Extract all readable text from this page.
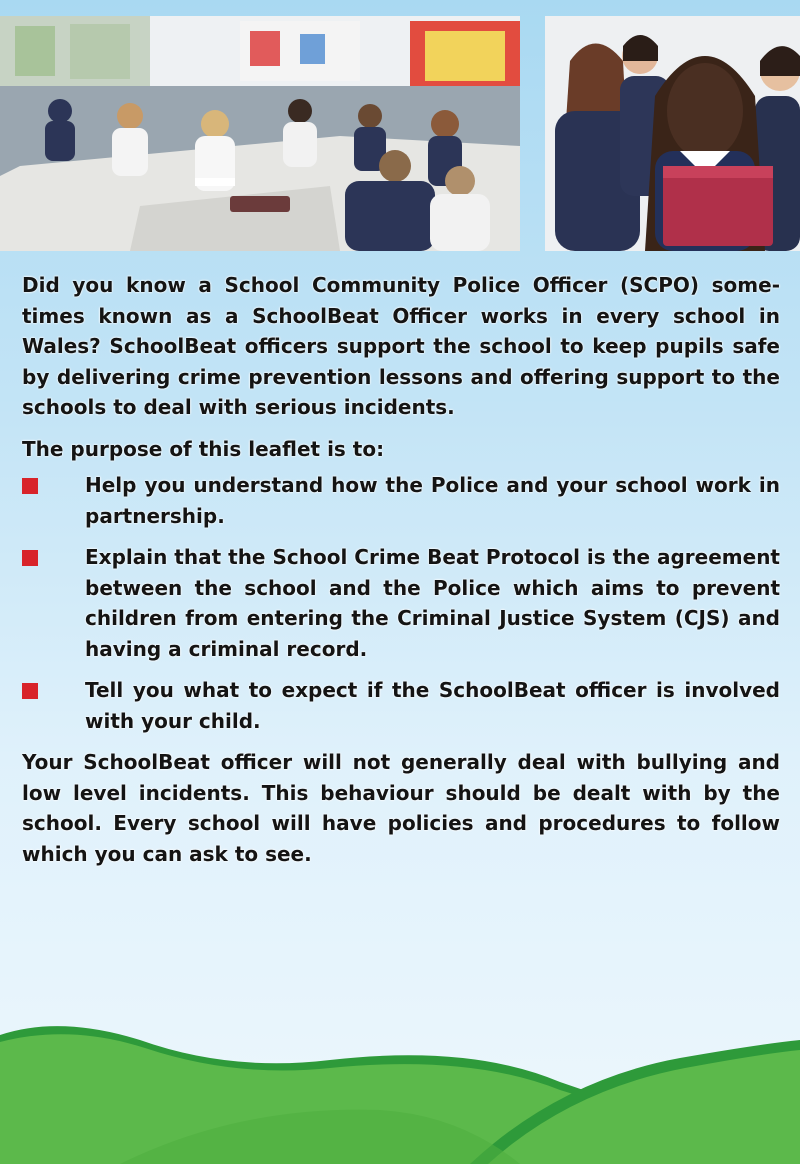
Did you know a School Community Police Officer (SCPO) some-times known as a SchoolBeat Officer works in every school in Wales? SchoolBeat officers support the school to keep pupils safe by delivering crime prevention lessons and offering support to the schools to deal with serious incidents.

The purpose of this leaflet is to:

Help you understand how the Police and your school work in partnership.
Explain that the School Crime Beat Protocol is the agreement between the school and the Police which aims to prevent children from entering the Criminal Justice System (CJS) and having a criminal record.
Tell you what to expect if the SchoolBeat officer is involved with your child.

Your SchoolBeat officer will not generally deal with bullying and low level incidents. This behaviour should be dealt with by the school. Every school will have policies and procedures to follow which you can ask to see.
